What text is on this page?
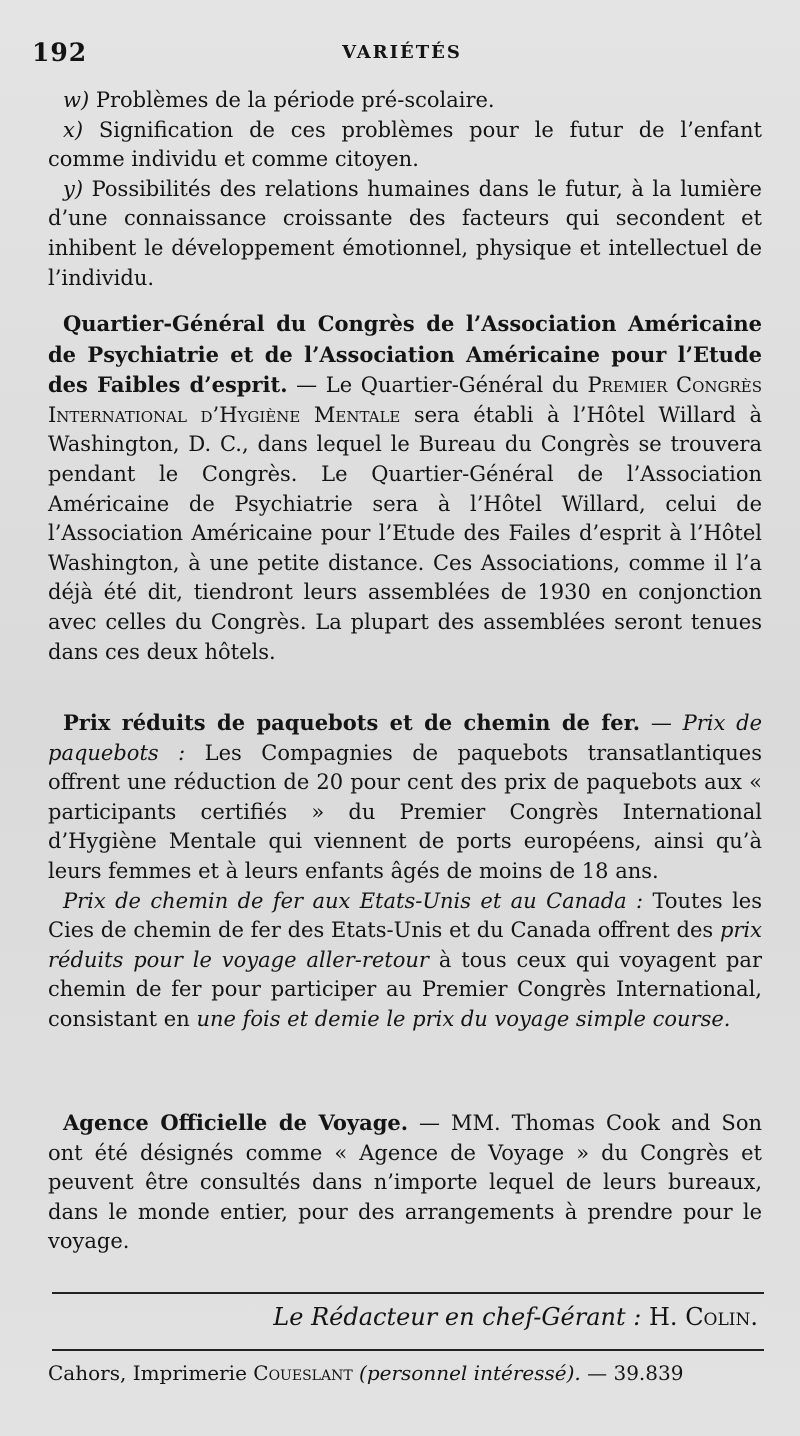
192	VARIÉTÉS

w) Problèmes de la période pré-scolaire.

x) Signification de ces problèmes pour le futur de l’enfant comme individu et comme citoyen.

y) Possibilités des relations humaines dans le futur, à la lumière d’une connaissance croissante des facteurs qui secondent et inhibent le développement émotionnel, physique et intellectuel de l’individu.

Quartier-Général du Congrès de l’Association Américaine de Psychiatrie et de l’Association Américaine pour l’Etude des Faibles d’esprit. — Le Quartier-Général du Premier Congrès International d’Hygiène Mentale sera établi à l’Hôtel Willard à Washington, D. C., dans lequel le Bureau du Congrès se trouvera pendant le Congrès. Le Quartier-Général de l’Association Américaine de Psychiatrie sera à l’Hôtel Willard, celui de l’Association Américaine pour l’Etude des Failes d’esprit à l’Hôtel Washington, à une petite distance. Ces Associations, comme il l’a déjà été dit, tiendront leurs assemblées de 1930 en conjonction avec celles du Congrès. La plupart des assemblées seront tenues dans ces deux hôtels.

Prix réduits de paquebots et de chemin de fer. — Prix de paquebots : Les Compagnies de paquebots transatlantiques offrent une réduction de 20 pour cent des prix de paquebots aux « participants certifiés » du Premier Congrès International d’Hygiène Mentale qui viennent de ports européens, ainsi qu’à leurs femmes et à leurs enfants âgés de moins de 18 ans.

Prix de chemin de fer aux Etats-Unis et au Canada : Toutes les Cies de chemin de fer des Etats-Unis et du Canada offrent des prix réduits pour le voyage aller-retour à tous ceux qui voyagent par chemin de fer pour participer au Premier Congrès International, consistant en une fois et demie le prix du voyage simple course.

Agence Officielle de Voyage. — MM. Thomas Cook and Son ont été désignés comme « Agence de Voyage » du Congrès et peuvent être consultés dans n’importe lequel de leurs bureaux, dans le monde entier, pour des arrangements à prendre pour le voyage.

Le Rédacteur en chef-Gérant : H. Colin.
Cahors, Imprimerie Coueslant (personnel intéressé). — 39.839
